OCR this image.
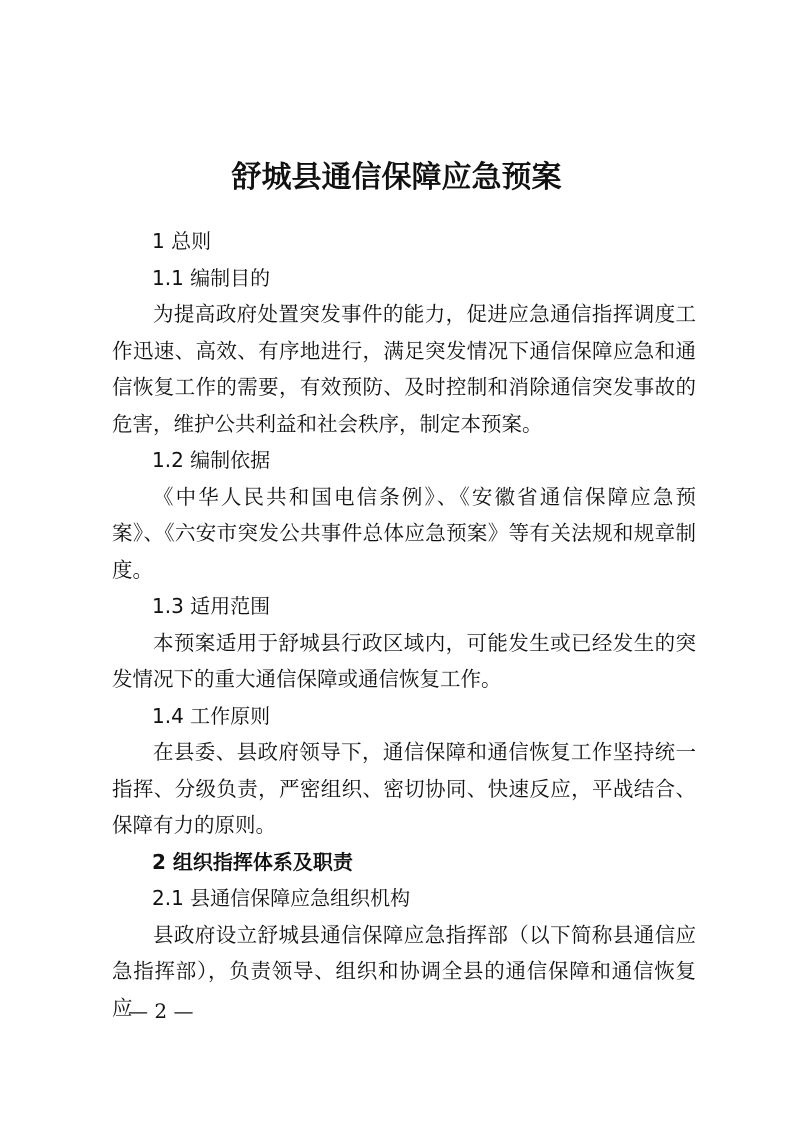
舒城县通信保障应急预案

1 总则

1.1 编制目的

为提高政府处置突发事件的能力，促进应急通信指挥调度工作迅速、高效、有序地进行，满足突发情况下通信保障应急和通信恢复工作的需要，有效预防、及时控制和消除通信突发事故的危害，维护公共利益和社会秩序，制定本预案。

1.2 编制依据

《中华人民共和国电信条例》、《安徽省通信保障应急预案》、《六安市突发公共事件总体应急预案》等有关法规和规章制度。

1.3 适用范围

本预案适用于舒城县行政区域内，可能发生或已经发生的突发情况下的重大通信保障或通信恢复工作。

1.4 工作原则

在县委、县政府领导下，通信保障和通信恢复工作坚持统一指挥、分级负责，严密组织、密切协同、快速反应，平战结合、保障有力的原则。

2 组织指挥体系及职责

2.1 县通信保障应急组织机构

县政府设立舒城县通信保障应急指挥部（以下简称县通信应急指挥部），负责领导、组织和协调全县的通信保障和通信恢复应

— 2 —
